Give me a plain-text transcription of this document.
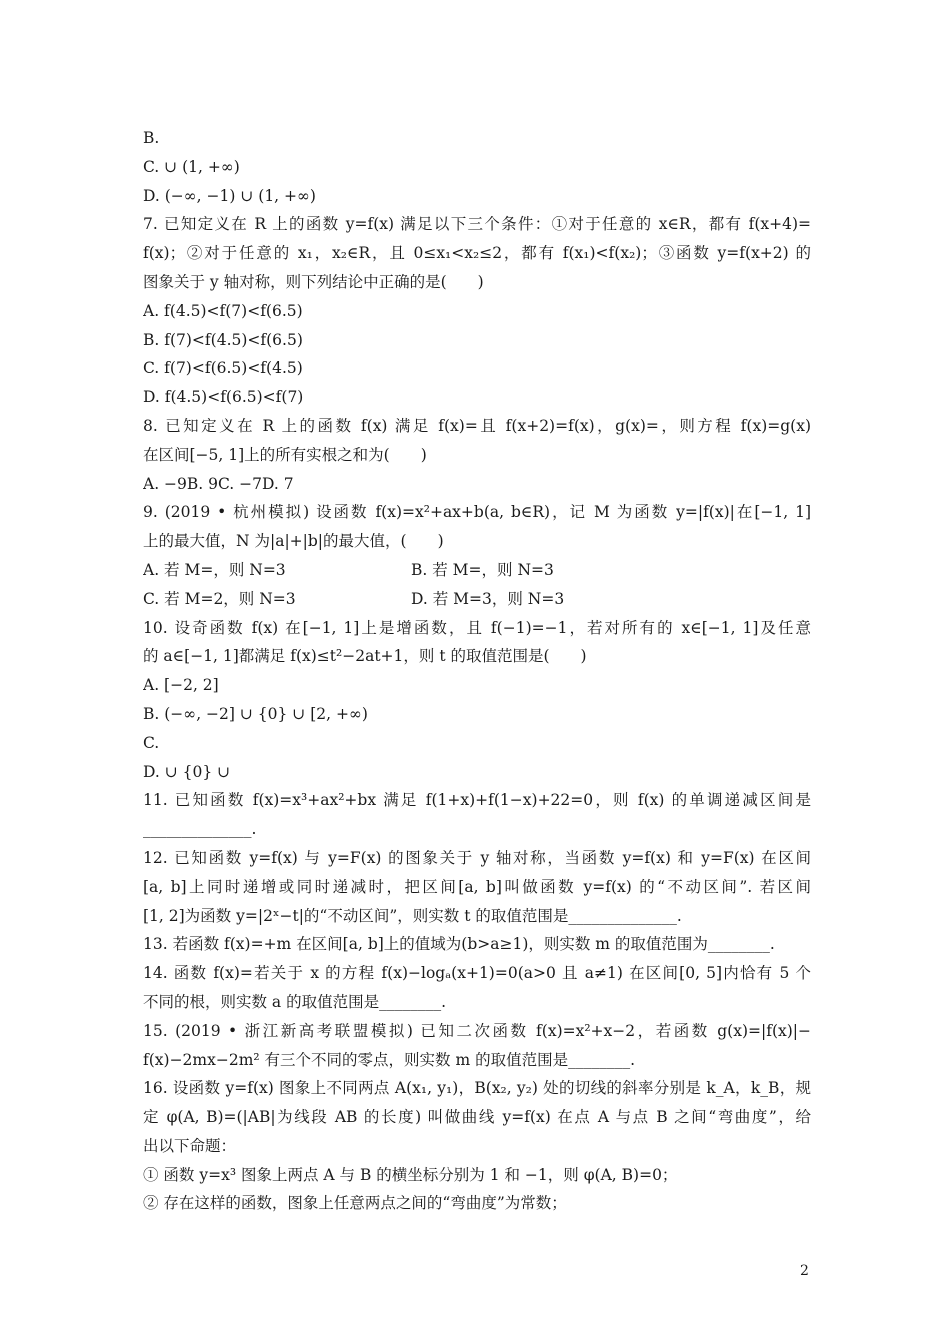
B.
C. ∪ (1, +∞)
D. (−∞, −1) ∪ (1, +∞)
7. 已知定义在 R 上的函数 y=f(x) 满足以下三个条件：①对于任意的 x∈R，都有 f(x+4)=
f(x)；②对于任意的 x₁，x₂∈R，且 0≤x₁<x₂≤2，都有 f(x₁)<f(x₂)；③函数 y=f(x+2) 的
图象关于 y 轴对称，则下列结论中正确的是(　　)
A. f(4.5)<f(7)<f(6.5)
B. f(7)<f(4.5)<f(6.5)
C. f(7)<f(6.5)<f(4.5)
D. f(4.5)<f(6.5)<f(7)
8. 已知定义在 R 上的函数 f(x) 满足 f(x)=且 f(x+2)=f(x)，g(x)=，则方程 f(x)=g(x)
在区间[−5, 1]上的所有实根之和为(　　)
A. −9B. 9C. −7D. 7
9. (2019 • 杭州模拟) 设函数 f(x)=x²+ax+b(a, b∈R)，记 M 为函数 y=|f(x)|在[−1, 1]
上的最大值，N 为|a|+|b|的最大值，(　　)
A. 若 M=，则 N=3	B. 若 M=，则 N=3
C. 若 M=2，则 N=3	D. 若 M=3，则 N=3
10. 设奇函数 f(x) 在[−1, 1]上是增函数，且 f(−1)=−1，若对所有的 x∈[−1, 1]及任意
的 a∈[−1, 1]都满足 f(x)≤t²−2at+1，则 t 的取值范围是(　　)
A. [−2, 2]
B. (−∞, −2] ∪ {0} ∪ [2, +∞)
C.
D. ∪ {0} ∪
11. 已知函数 f(x)=x³+ax²+bx 满足 f(1+x)+f(1−x)+22=0，则 f(x) 的单调递减区间是
______________.
12. 已知函数 y=f(x) 与 y=F(x) 的图象关于 y 轴对称，当函数 y=f(x) 和 y=F(x) 在区间
[a, b]上同时递增或同时递减时，把区间[a, b]叫做函数 y=f(x) 的“不动区间”. 若区间
[1, 2]为函数 y=|2ˣ−t|的“不动区间”，则实数 t 的取值范围是______________.
13. 若函数 f(x)=+m 在区间[a, b]上的值域为(b>a≥1)，则实数 m 的取值范围为________.
14. 函数 f(x)=若关于 x 的方程 f(x)−logₐ(x+1)=0(a>0 且 a≠1) 在区间[0, 5]内恰有 5 个
不同的根，则实数 a 的取值范围是________.
15. (2019 • 浙江新高考联盟模拟) 已知二次函数 f(x)=x²+x−2，若函数 g(x)=|f(x)|−
f(x)−2mx−2m² 有三个不同的零点，则实数 m 的取值范围是________.
16. 设函数 y=f(x) 图象上不同两点 A(x₁, y₁)，B(x₂, y₂) 处的切线的斜率分别是 k_A，k_B，规
定 φ(A, B)=(|AB|为线段 AB 的长度) 叫做曲线 y=f(x) 在点 A 与点 B 之间“弯曲度”，给
出以下命题：
① 函数 y=x³ 图象上两点 A 与 B 的横坐标分别为 1 和 −1，则 φ(A, B)=0；
② 存在这样的函数，图象上任意两点之间的“弯曲度”为常数；
2
